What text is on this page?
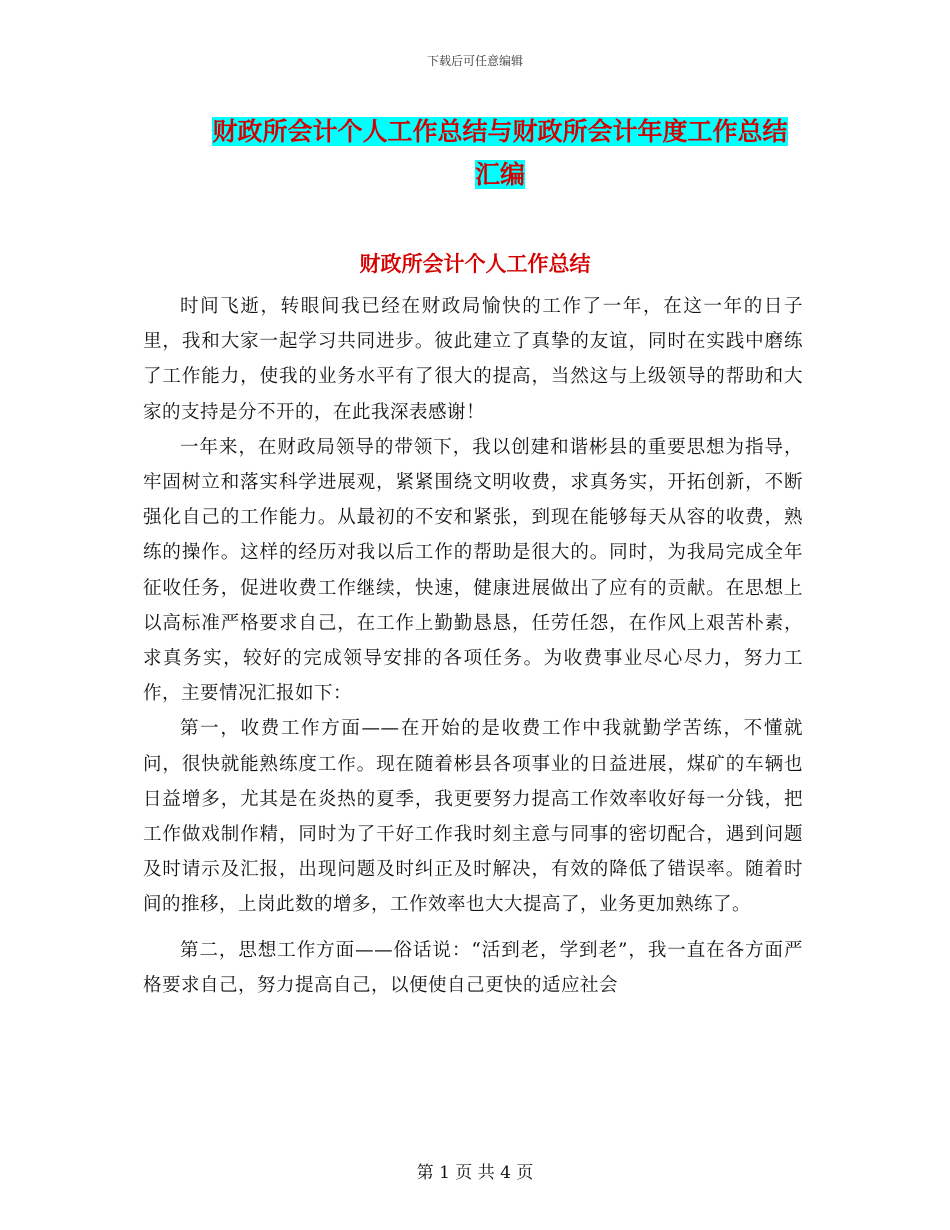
下载后可任意编辑
财政所会计个人工作总结与财政所会计年度工作总结
汇编
财政所会计个人工作总结

时间飞逝，转眼间我已经在财政局愉快的工作了一年，在这一年的日子里，我和大家一起学习共同进步。彼此建立了真挚的友谊，同时在实践中磨练了工作能力，使我的业务水平有了很大的提高，当然这与上级领导的帮助和大家的支持是分不开的，在此我深表感谢！

一年来，在财政局领导的带领下，我以创建和谐彬县的重要思想为指导，牢固树立和落实科学进展观，紧紧围绕文明收费，求真务实，开拓创新，不断强化自己的工作能力。从最初的不安和紧张，到现在能够每天从容的收费，熟练的操作。这样的经历对我以后工作的帮助是很大的。同时，为我局完成全年征收任务，促进收费工作继续，快速，健康进展做出了应有的贡献。在思想上以高标准严格要求自己，在工作上勤勤恳恳，任劳任怨，在作风上艰苦朴素，求真务实，较好的完成领导安排的各项任务。为收费事业尽心尽力，努力工作，主要情况汇报如下：

第一，收费工作方面——在开始的是收费工作中我就勤学苦练，不懂就问，很快就能熟练度工作。现在随着彬县各项事业的日益进展，煤矿的车辆也日益增多，尤其是在炎热的夏季，我更要努力提高工作效率收好每一分钱，把工作做戏制作精，同时为了干好工作我时刻主意与同事的密切配合，遇到问题及时请示及汇报，出现问题及时纠正及时解决，有效的降低了错误率。随着时间的推移，上岗此数的增多，工作效率也大大提高了，业务更加熟练了。

第二，思想工作方面——俗话说：“活到老，学到老”，我一直在各方面严格要求自己，努力提高自己，以便使自己更快的适应社会

第 1 页 共 4 页
